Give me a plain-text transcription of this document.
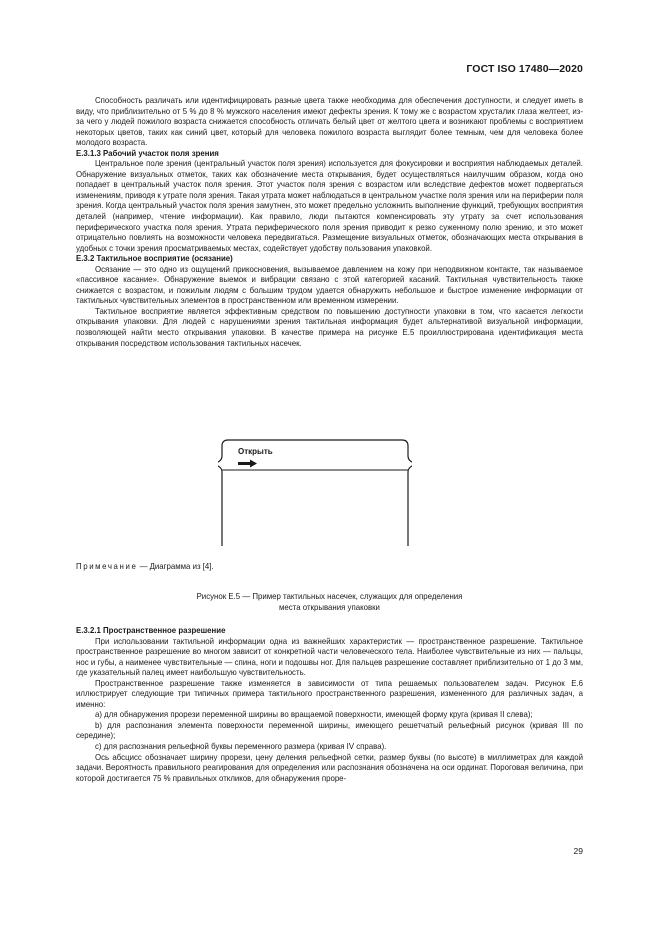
ГОСТ ISO 17480—2020

Способность различать или идентифицировать разные цвета также необходима для обеспечения доступности, и следует иметь в виду, что приблизительно от 5 % до 8 % мужского населения имеют дефекты зрения. К тому же с возрастом хрусталик глаза желтеет, из-за чего у людей пожилого возраста снижается способность отличать белый цвет от желтого цвета и возникают проблемы с восприятием некоторых цветов, таких как синий цвет, который для человека пожилого возраста выглядит более темным, чем для человека более молодого возраста.

Е.3.1.3 Рабочий участок поля зрения

Центральное поле зрения (центральный участок поля зрения) используется для фокусировки и восприятия наблюдаемых деталей. Обнаружение визуальных отметок, таких как обозначение места открывания, будет осуществляться наилучшим образом, когда оно попадает в центральный участок поля зрения. Этот участок поля зрения с возрастом или вследствие дефектов может подвергаться изменениям, приводя к утрате поля зрения. Такая утрата может наблюдаться в центральном участке поля зрения или на периферии поля зрения. Когда центральный участок поля зрения замутнен, это может предельно усложнить выполнение функций, требующих восприятия деталей (например, чтение информации). Как правило, люди пытаются компенсировать эту утрату за счет использования периферического участка поля зрения. Утрата периферического поля зрения приводит к резко суженному полю зрению, и это может отрицательно повлиять на возможности человека передвигаться. Размещение визуальных отметок, обозначающих места открывания в удобных с точки зрения просматриваемых местах, содействует удобству пользования упаковкой.

Е.3.2 Тактильное восприятие (осязание)

Осязание — это одно из ощущений прикосновения, вызываемое давлением на кожу при неподвижном контакте, так называемое «пассивное касание». Обнаружение выемок и вибрации связано с этой категорией касаний. Тактильная чувствительность также снижается с возрастом, и пожилым людям с большим трудом удается обнаружить небольшое и быстрое изменение информации от тактильных чувствительных элементов в пространственном или временном измерении.

Тактильное восприятие является эффективным средством по повышению доступности упаковки в том, что касается легкости открывания упаковки. Для людей с нарушениями зрения тактильная информация будет альтернативой визуальной информации, позволяющей найти место открывания упаковки. В качестве примера на рисунке Е.5 проиллюстрирована идентификация места открывания посредством использования тактильных насечек.

Открыть
Примечание — Диаграмма из [4].
Рисунок Е.5 — Пример тактильных насечек, служащих для определения
места открывания упаковки
Е.3.2.1 Пространственное разрешение

При использовании тактильной информации одна из важнейших характеристик — пространственное разрешение. Тактильное пространственное разрешение во многом зависит от конкретной части человеческого тела. Наиболее чувствительные из них — пальцы, нос и губы, а наименее чувствительные — спина, ноги и подошвы ног. Для пальцев разрешение составляет приблизительно от 1 до 3 мм, где указательный палец имеет наибольшую чувствительность.

Пространственное разрешение также изменяется в зависимости от типа решаемых пользователем задач. Рисунок Е.6 иллюстрирует следующие три типичных примера тактильного пространственного разрешения, измененного для различных задач, а именно:

a) для обнаружения прорези переменной ширины во вращаемой поверхности, имеющей форму круга (кривая II слева);

b) для распознания элемента поверхности переменной ширины, имеющего решетчатый рельефный рисунок (кривая III по середине);

c) для распознания рельефной буквы переменного размера (кривая IV справа).

Ось абсцисс обозначает ширину прорези, цену деления рельефной сетки, размер буквы (по высоте) в миллиметрах для каждой задачи. Вероятность правильного реагирования для определения или распознания обозначена на оси ординат. Пороговая величина, при которой достигается 75 % правильных откликов, для обнаружения проре-

29
